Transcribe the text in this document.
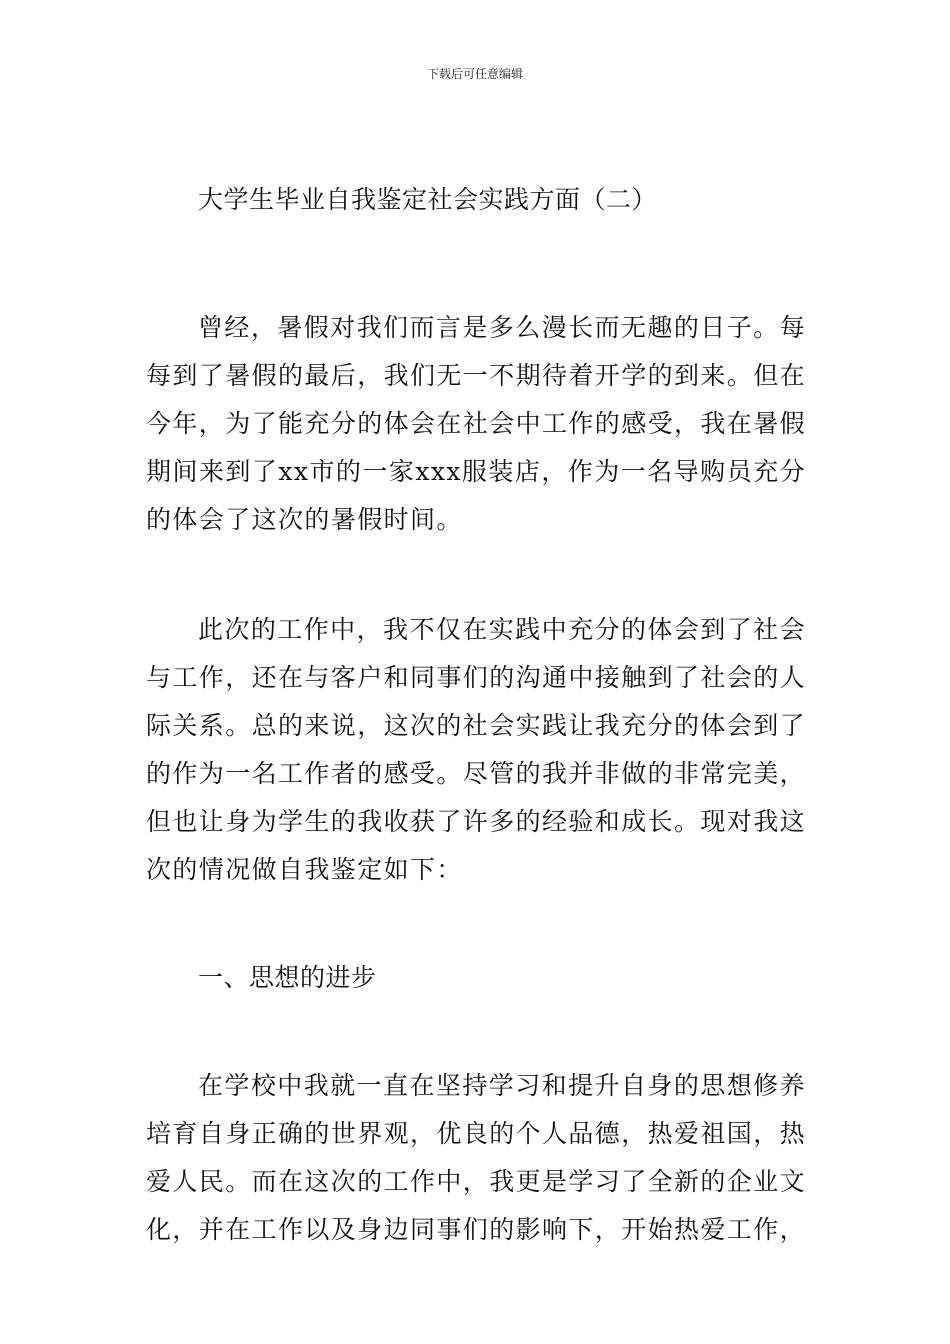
下载后可任意编辑
大学生毕业自我鉴定社会实践方面（二）

曾经，暑假对我们而言是多么漫长而无趣的日子。每每到了暑假的最后，我们无一不期待着开学的到来。但在今年，为了能充分的体会在社会中工作的感受，我在暑假期间来到了xx市的一家xxx服装店，作为一名导购员充分的体会了这次的暑假时间。

此次的工作中，我不仅在实践中充分的体会到了社会与工作，还在与客户和同事们的沟通中接触到了社会的人际关系。总的来说，这次的社会实践让我充分的体会到了的作为一名工作者的感受。尽管的我并非做的非常完美，但也让身为学生的我收获了许多的经验和成长。现对我这次的情况做自我鉴定如下：

一、思想的进步

在学校中我就一直在坚持学习和提升自身的思想修养培育自身正确的世界观，优良的个人品德，热爱祖国，热爱人民。而在这次的工作中，我更是学习了全新的企业文化，并在工作以及身边同事们的影响下，开始热爱工作，
